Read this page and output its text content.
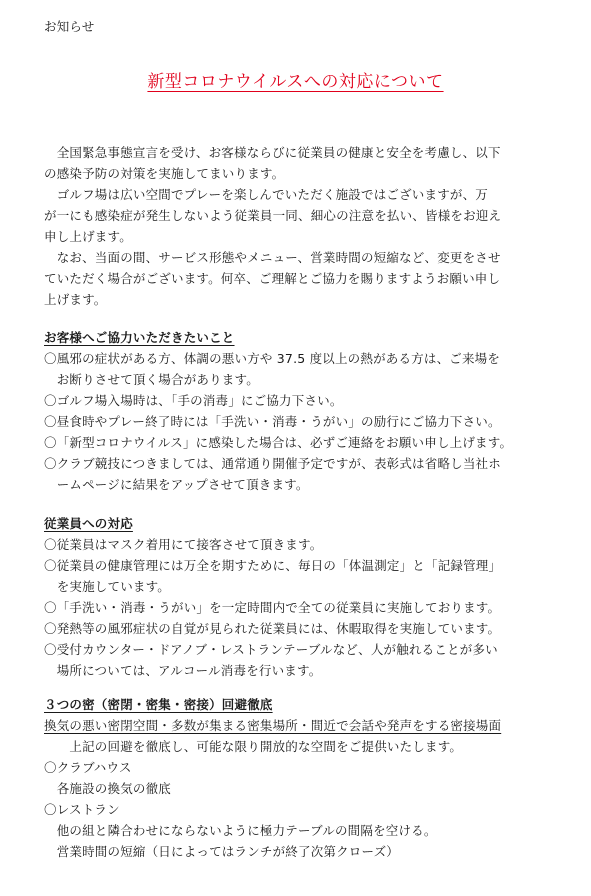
お知らせ
新型コロナウイルスへの対応について
　全国緊急事態宣言を受け、お客様ならびに従業員の健康と安全を考慮し、以下
の感染予防の対策を実施してまいります。
　ゴルフ場は広い空間でプレーを楽しんでいただく施設ではございますが、万
が一にも感染症が発生しないよう従業員一同、細心の注意を払い、皆様をお迎え
申し上げます。
　なお、当面の間、サービス形態やメニュー、営業時間の短縮など、変更をさせ
ていただく場合がございます。何卒、ご理解とご協力を賜りますようお願い申し
上げます。
お客様へご協力いただきたいこと
〇風邪の症状がある方、体調の悪い方や 37.5 度以上の熱がある方は、ご来場を
　お断りさせて頂く場合があります。
〇ゴルフ場入場時は、「手の消毒」にご協力下さい。
〇昼食時やプレー終了時には「手洗い・消毒・うがい」の励行にご協力下さい。
〇「新型コロナウイルス」に感染した場合は、必ずご連絡をお願い申し上げます。
〇クラブ競技につきましては、通常通り開催予定ですが、表彰式は省略し当社ホ
　ームページに結果をアップさせて頂きます。
従業員への対応
〇従業員はマスク着用にて接客させて頂きます。
〇従業員の健康管理には万全を期すために、毎日の「体温測定」と「記録管理」
　を実施しています。
〇「手洗い・消毒・うがい」を一定時間内で全ての従業員に実施しております。
〇発熱等の風邪症状の自覚が見られた従業員には、休暇取得を実施しています。
〇受付カウンター・ドアノブ・レストランテーブルなど、人が触れることが多い
　場所については、アルコール消毒を行います。
３つの密（密閉・密集・密接）回避徹底
換気の悪い密閉空間・多数が集まる密集場所・間近で会話や発声をする密接場面
　　上記の回避を徹底し、可能な限り開放的な空間をご提供いたします。
〇クラブハウス
　各施設の換気の徹底
〇レストラン
　他の組と隣合わせにならないように極力テーブルの間隔を空ける。
　営業時間の短縮（日によってはランチが終了次第クローズ）
